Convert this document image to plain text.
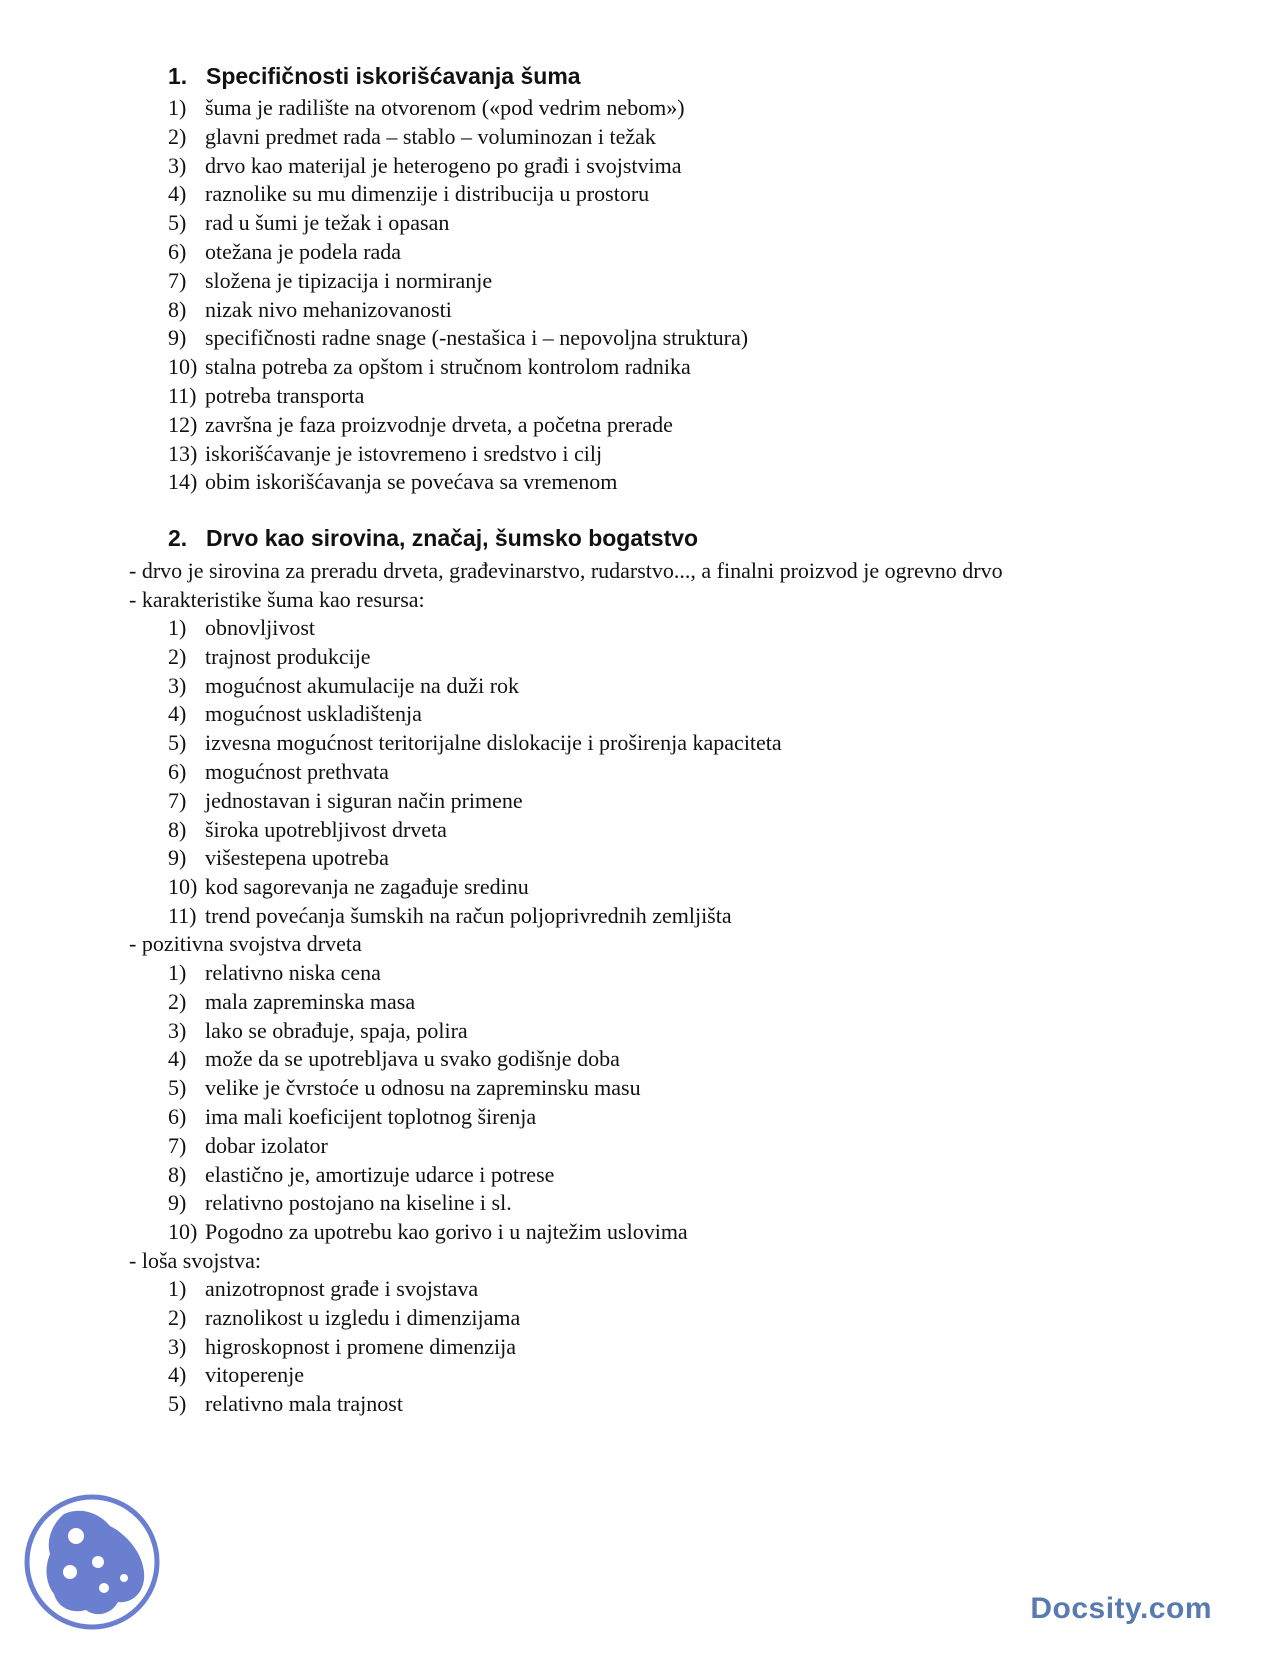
1. Specifičnosti iskorišćavanja šuma
1) šuma je radilište na otvorenom («pod vedrim nebom»)
2) glavni predmet rada – stablo – voluminozan i težak
3) drvo kao materijal je heterogeno po građi i svojstvima
4) raznolike su mu dimenzije i distribucija u prostoru
5) rad u šumi je težak i opasan
6) otežana je podela rada
7) složena je tipizacija i normiranje
8) nizak nivo mehanizovanosti
9) specifičnosti radne snage (-nestašica i – nepovoljna struktura)
10) stalna potreba za opštom i stručnom kontrolom radnika
11) potreba transporta
12) završna je faza proizvodnje drveta, a početna prerade
13) iskorišćavanje je istovremeno i sredstvo i cilj
14) obim iskorišćavanja se povećava sa vremenom
2. Drvo kao sirovina, značaj, šumsko bogatstvo
- drvo je sirovina za preradu drveta, građevinarstvo, rudarstvo..., a finalni proizvod je ogrevno drvo
- karakteristike šuma kao resursa:
1) obnovljivost
2) trajnost produkcije
3) mogućnost akumulacije na duži rok
4) mogućnost uskladištenja
5) izvesna mogućnost teritorijalne dislokacije i proširenja kapaciteta
6) mogućnost prethvata
7) jednostavan i siguran način primene
8) široka upotrebljivost drveta
9) višestepena upotreba
10) kod sagorevanja ne zagađuje sredinu
11) trend povećanja šumskih na račun poljoprivrednih zemljišta
- pozitivna svojstva drveta
1) relativno niska cena
2) mala zapreminska masa
3) lako se obrađuje, spaja, polira
4) može da se upotrebljava u svako godišnje doba
5) velike je čvrstoće u odnosu na zapreminsku masu
6) ima mali koeficijent toplotnog širenja
7) dobar izolator
8) elastično je, amortizuje udarce i potrese
9) relativno postojano na kiseline i sl.
10) Pogodno za upotrebu kao gorivo i u najtežim uslovima
- loša svojstva:
1) anizotropnost građe i svojstava
2) raznolikost u izgledu i dimenzijama
3) higroskopnost i promene dimenzija
4) vitoperenje
5) relativno mala trajnost
Docsity.com
